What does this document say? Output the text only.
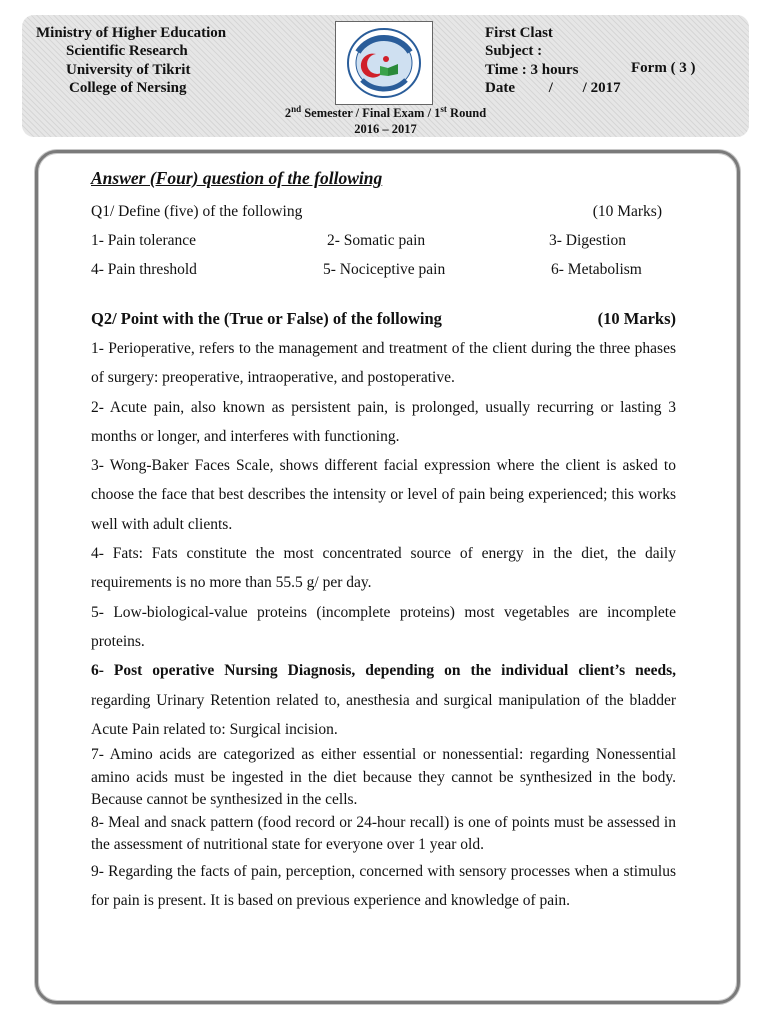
Ministry of Higher Education
Scientific Research
University of Tikrit
College of Nersing
First Clast
Subject :
Time : 3 hours
Date / / 2017
Form ( 3 )
2nd Semester / Final Exam / 1st Round
2016 – 2017
Answer (Four) question of the following
Q1/ Define (five) of the following	(10 Marks)
1- Pain tolerance	2- Somatic pain	3- Digestion
4- Pain threshold	5- Nociceptive pain	6- Metabolism
Q2/ Point with the (True or False) of the following	(10 Marks)

1- Perioperative, refers to the management and treatment of the client during the three phases of surgery: preoperative, intraoperative, and postoperative.

2- Acute pain, also known as persistent pain, is prolonged, usually recurring or lasting 3 months or longer, and interferes with functioning.

3- Wong-Baker Faces Scale, shows different facial expression where the client is asked to choose the face that best describes the intensity or level of pain being experienced; this works well with adult clients.

4- Fats: Fats constitute the most concentrated source of energy in the diet, the daily requirements is no more than 55.5 g/ per day.

5- Low-biological-value proteins (incomplete proteins) most vegetables are incomplete proteins.

6- Post operative Nursing Diagnosis, depending on the individual client’s needs, regarding Urinary Retention related to, anesthesia and surgical manipulation of the bladder Acute Pain related to: Surgical incision.

7- Amino acids are categorized as either essential or nonessential: regarding Nonessential amino acids must be ingested in the diet because they cannot be synthesized in the body. Because cannot be synthesized in the cells.

8- Meal and snack pattern (food record or 24-hour recall) is one of points must be assessed in the assessment of nutritional state for everyone over 1 year old.

9- Regarding the facts of pain, perception, concerned with sensory processes when a stimulus for pain is present. It is based on previous experience and knowledge of pain.
